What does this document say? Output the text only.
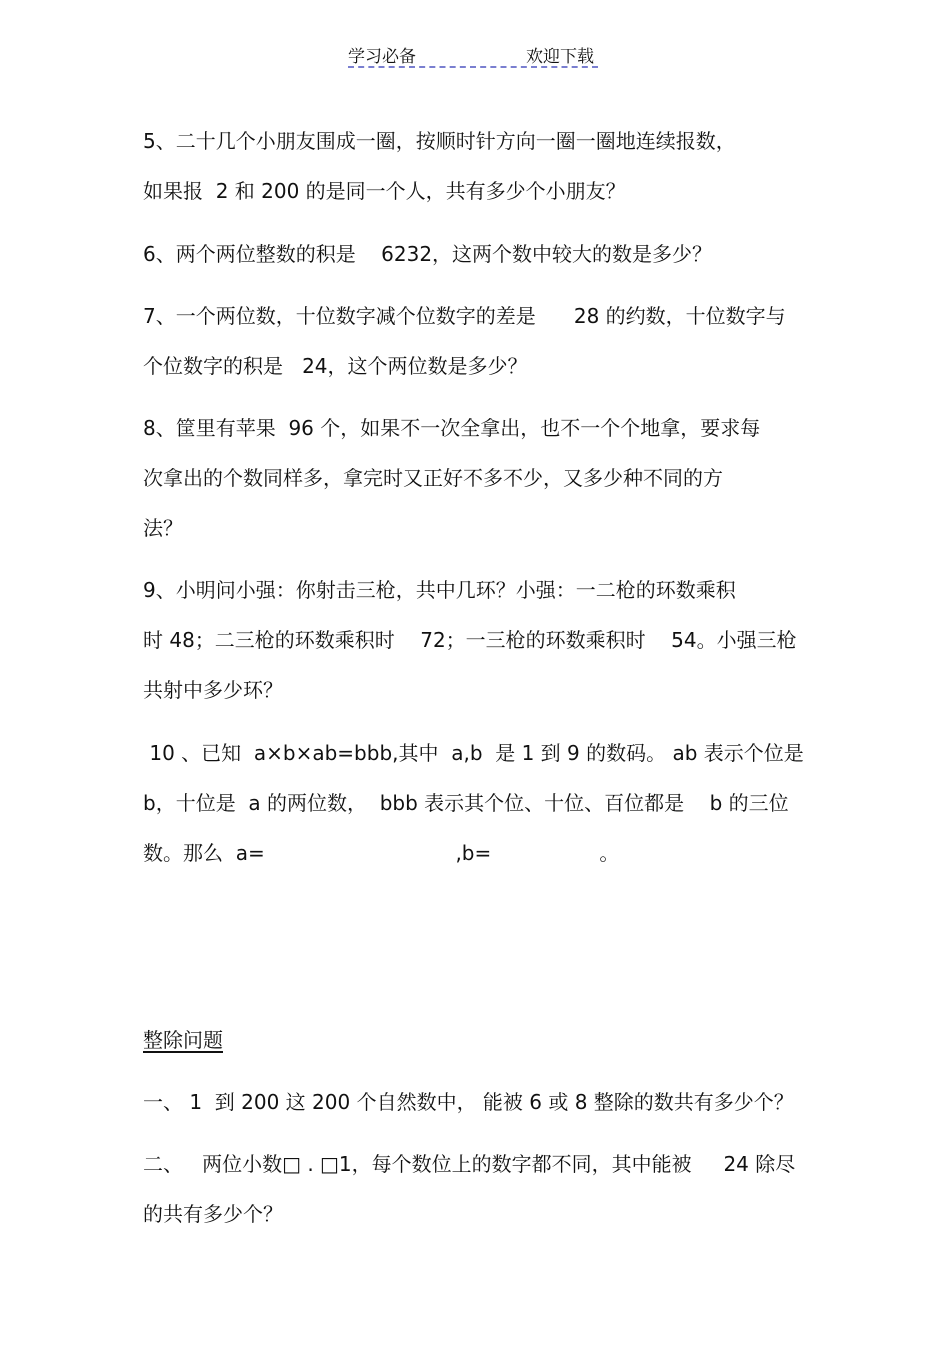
学习必备	欢迎下载
5、二十几个小朋友围成一圈，按顺时针方向一圈一圈地连续报数，
如果报  2 和 200 的是同一个人，共有多少个小朋友？
6、两个两位整数的积是    6232，这两个数中较大的数是多少？
7、一个两位数，十位数字减个位数字的差是      28 的约数，十位数字与
个位数字的积是   24，这个两位数是多少？
8、筐里有苹果  96 个，如果不一次全拿出，也不一个个地拿，要求每
次拿出的个数同样多，拿完时又正好不多不少，又多少种不同的方
法？
9、小明问小强：你射击三枪，共中几环？小强：一二枪的环数乘积
时 48；二三枪的环数乘积时    72；一三枪的环数乘积时    54。小强三枪
共射中多少环？
10 、已知  a×b×ab=bbb,其中  a,b  是 1 到 9 的数码。 ab 表示个位是
b，十位是  a 的两位数，  bbb 表示其个位、十位、百位都是    b 的三位
数。那么  a=                              ,b=                 。
整除问题
一、 1  到 200 这 200 个自然数中， 能被 6 或 8 整除的数共有多少个？
二、   两位小数□ . □1，每个数位上的数字都不同，其中能被     24 除尽
的共有多少个？
